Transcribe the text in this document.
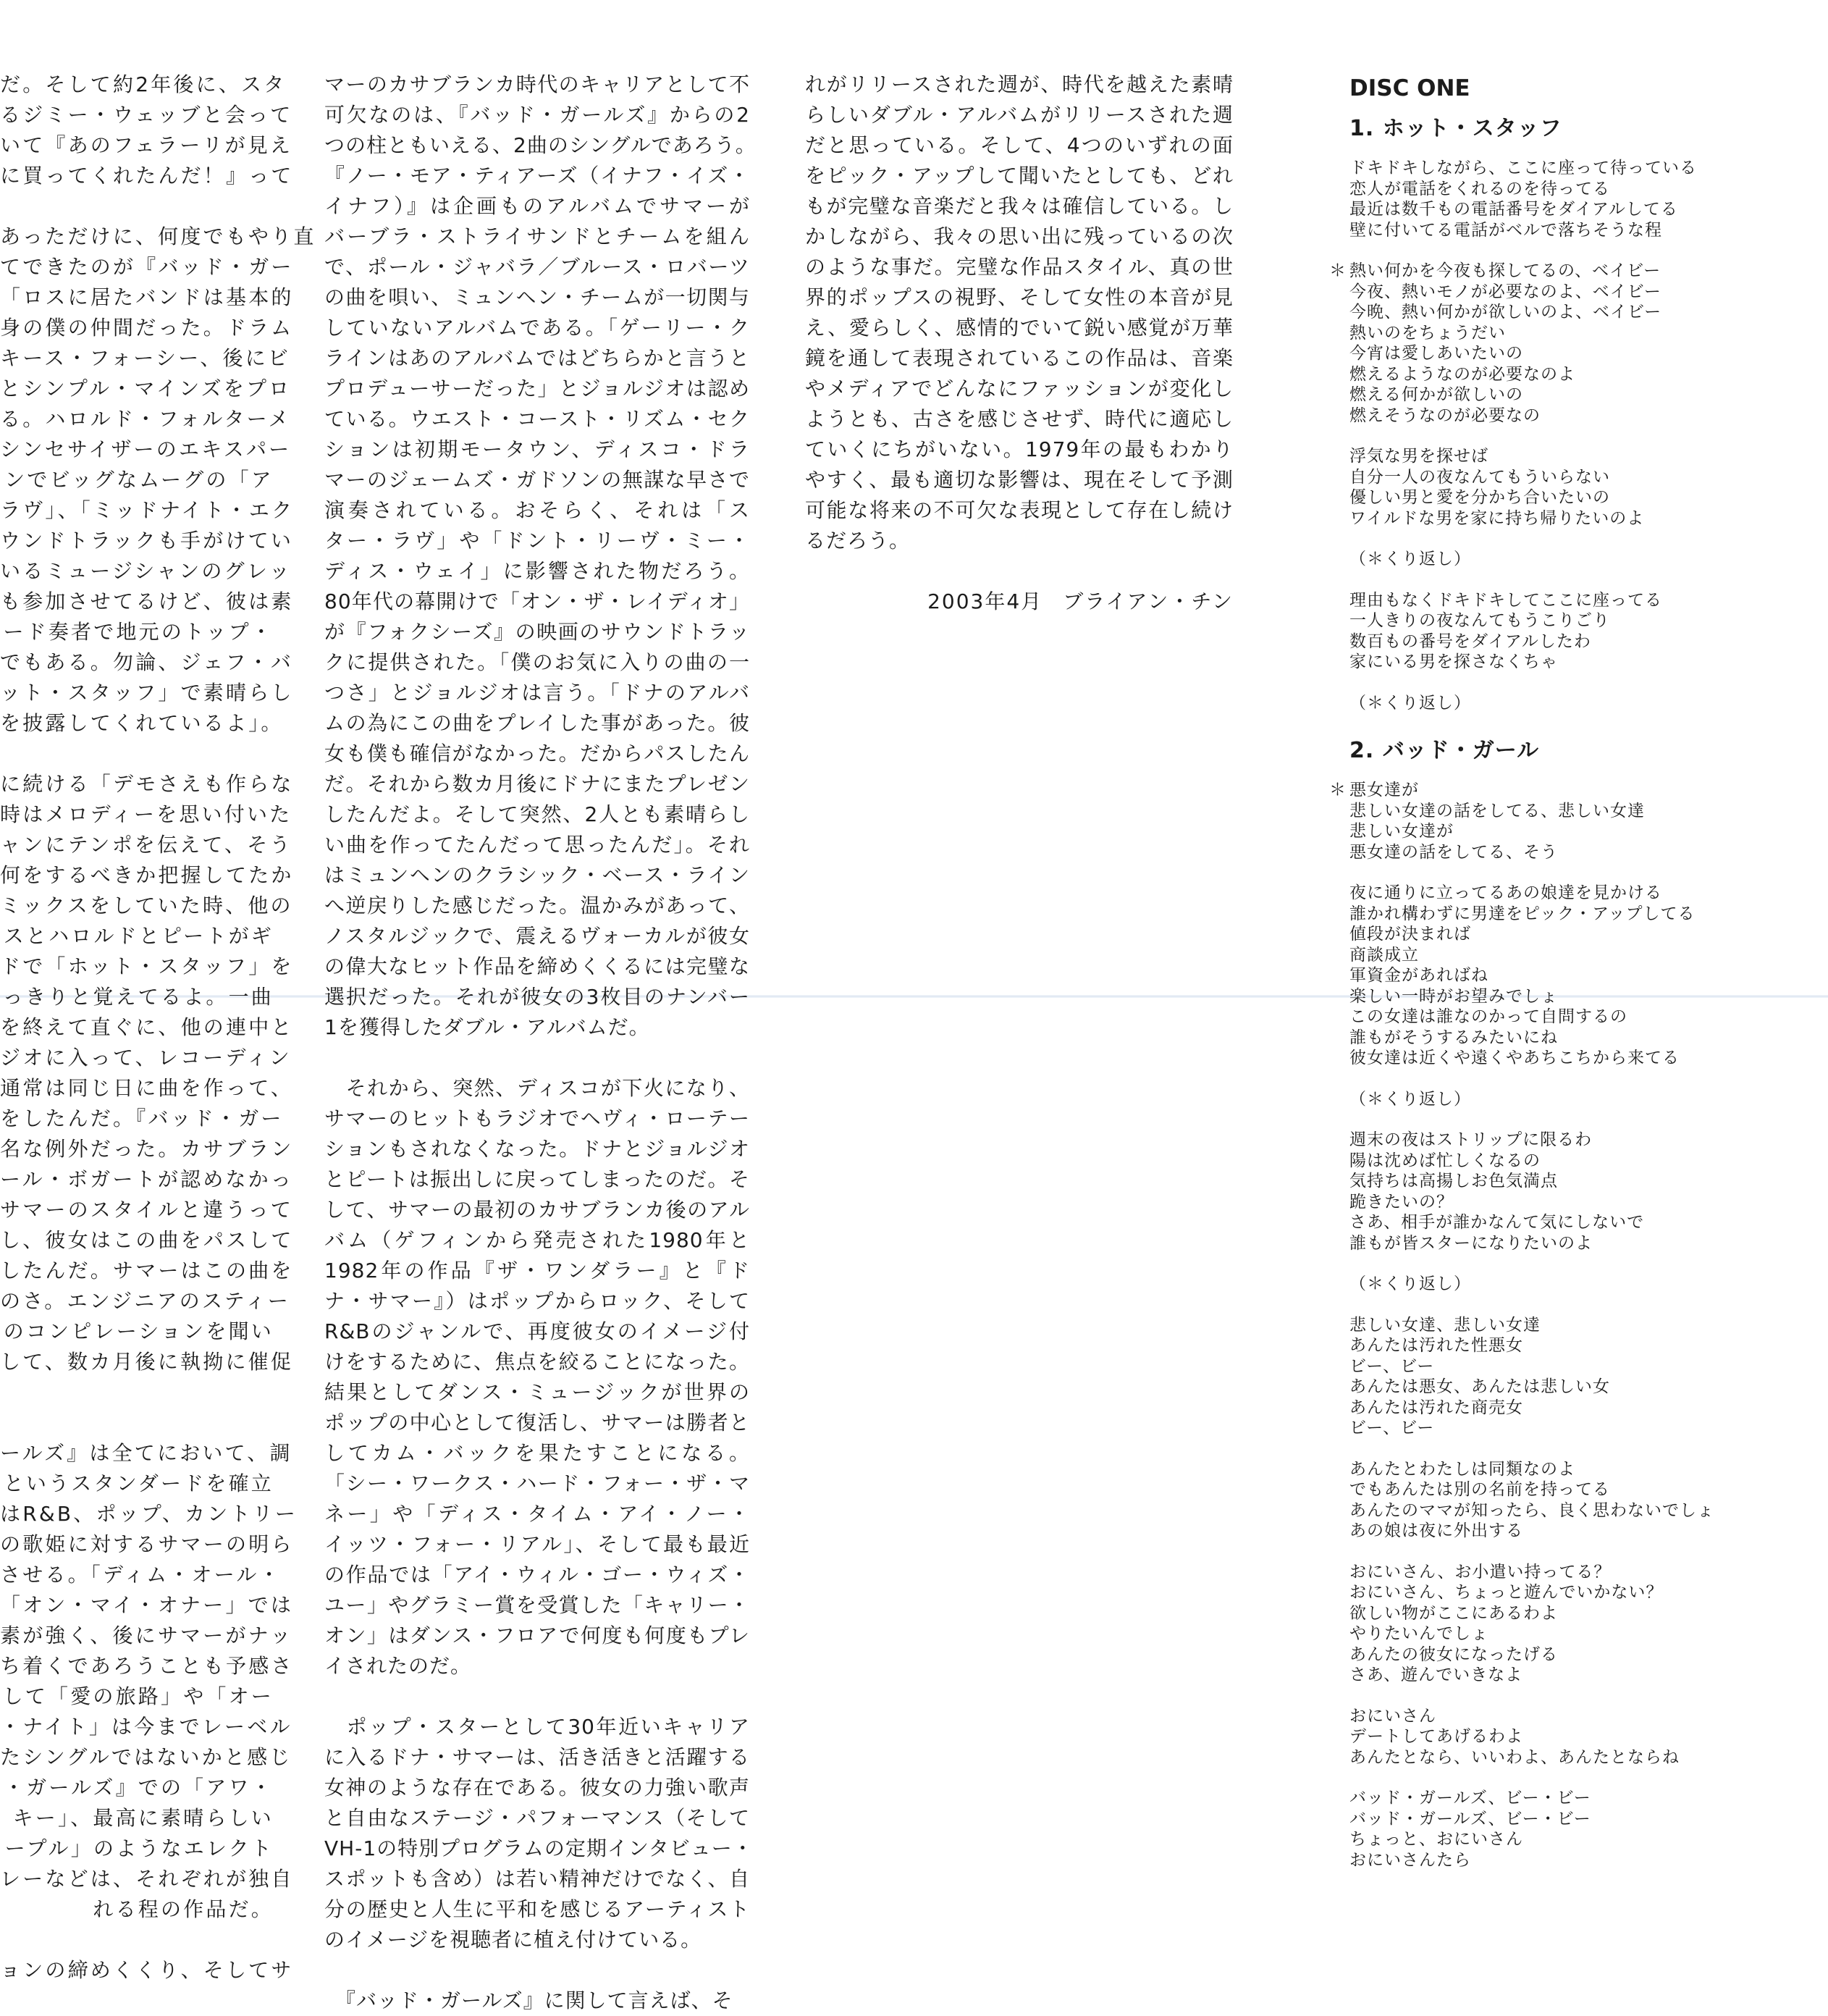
だ。そして約2年後に、スタ

るジミー・ウェッブと会って

いて『あのフェラーリが見え

に買ってくれたんだ！』って

あっただけに、何度でもやり直

てできたのが『バッド・ガー

「ロスに居たバンドは基本的

身の僕の仲間だった。ドラム

キース・フォーシー、後にビ

とシンプル・マインズをプロ

る。ハロルド・フォルターメ

シンセサイザーのエキスパー

ンでビッグなムーグの「ア

ラヴ」、「ミッドナイト・エク

ウンドトラックも手がけてい

いるミュージシャンのグレッ

も参加させてるけど、彼は素

ード奏者で地元のトップ・

でもある。勿論、ジェフ・バ

ット・スタッフ」で素晴らし

を披露してくれているよ」。

に続ける「デモさえも作らな

時はメロディーを思い付いた

ャンにテンポを伝えて、そう

何をするべきか把握してたか

ミックスをしていた時、他の

スとハロルドとピートがギ

ドで「ホット・スタッフ」を

っきりと覚えてるよ。一曲

を終えて直ぐに、他の連中と

ジオに入って、レコーディン

通常は同じ日に曲を作って、

をしたんだ。『バッド・ガー

名な例外だった。カサブラン

ール・ボガートが認めなかっ

サマーのスタイルと違うって

し、彼女はこの曲をパスして

したんだ。サマーはこの曲を

のさ。エンジニアのスティー

のコンピレーションを聞い

して、数カ月後に執拗に催促

ールズ』は全てにおいて、調

というスタンダードを確立

はR&B、ポップ、カントリー

の歌姫に対するサマーの明ら

させる。「ディム・オール・

「オン・マイ・オナー」では

素が強く、後にサマーがナッ

ち着くであろうことも予感さ

して「愛の旅路」や「オー

・ナイト」は今までレーベル

たシングルではないかと感じ

・ガールズ』での「アワ・

キー」、最高に素晴らしい

ープル」のようなエレクト

レーなどは、それぞれが独自

れる程の作品だ。

ョンの締めくくり、そしてサ

マーのカサブランカ時代のキャリアとして不

可欠なのは、『バッド・ガールズ』からの2

つの柱ともいえる、2曲のシングルであろう。

『ノー・モア・ティアーズ（イナフ・イズ・

イナフ）』は企画ものアルバムでサマーが

バーブラ・ストライサンドとチームを組ん

で、ポール・ジャバラ／ブルース・ロバーツ

の曲を唄い、ミュンヘン・チームが一切関与

していないアルバムである。「ゲーリー・ク

ラインはあのアルバムではどちらかと言うと

プロデューサーだった」とジョルジオは認め

ている。ウエスト・コースト・リズム・セク

ションは初期モータウン、ディスコ・ドラ

マーのジェームズ・ガドソンの無謀な早さで

演奏されている。おそらく、それは「ス

ター・ラヴ」や「ドント・リーヴ・ミー・

ディス・ウェイ」に影響された物だろう。

80年代の幕開けで「オン・ザ・レイディオ」

が『フォクシーズ』の映画のサウンドトラッ

クに提供された。「僕のお気に入りの曲の一

つさ」とジョルジオは言う。「ドナのアルバ

ムの為にこの曲をプレイした事があった。彼

女も僕も確信がなかった。だからパスしたん

だ。それから数カ月後にドナにまたプレゼン

したんだよ。そして突然、2人とも素晴らし

い曲を作ってたんだって思ったんだ」。それ

はミュンヘンのクラシック・ベース・ライン

へ逆戻りした感じだった。温かみがあって、

ノスタルジックで、震えるヴォーカルが彼女

の偉大なヒット作品を締めくくるには完璧な

選択だった。それが彼女の3枚目のナンバー

1を獲得したダブル・アルバムだ。

　それから、突然、ディスコが下火になり、

サマーのヒットもラジオでヘヴィ・ローテー

ションもされなくなった。ドナとジョルジオ

とピートは振出しに戻ってしまったのだ。そ

して、サマーの最初のカサブランカ後のアル

バム（ゲフィンから発売された1980年と

1982年の作品『ザ・ワンダラー』と『ド

ナ・サマー』）はポップからロック、そして

R&Bのジャンルで、再度彼女のイメージ付

けをするために、焦点を絞ることになった。

結果としてダンス・ミュージックが世界の

ポップの中心として復活し、サマーは勝者と

してカム・バックを果たすことになる。

「シー・ワークス・ハード・フォー・ザ・マ

ネー」や「ディス・タイム・アイ・ノー・

イッツ・フォー・リアル」、そして最も最近

の作品では「アイ・ウィル・ゴー・ウィズ・

ユー」やグラミー賞を受賞した「キャリー・

オン」はダンス・フロアで何度も何度もプレ

イされたのだ。

　ポップ・スターとして30年近いキャリア

に入るドナ・サマーは、活き活きと活躍する

女神のような存在である。彼女の力強い歌声

と自由なステージ・パフォーマンス（そして

VH-1の特別プログラムの定期インタビュー・

スポットも含め）は若い精神だけでなく、自

分の歴史と人生に平和を感じるアーティスト

のイメージを視聴者に植え付けている。

　『バッド・ガールズ』に関して言えば、そ

れがリリースされた週が、時代を越えた素晴

らしいダブル・アルバムがリリースされた週

だと思っている。そして、4つのいずれの面

をピック・アップして聞いたとしても、どれ

もが完璧な音楽だと我々は確信している。し

かしながら、我々の思い出に残っているの次

のような事だ。完璧な作品スタイル、真の世

界的ポップスの視野、そして女性の本音が見

え、愛らしく、感情的でいて鋭い感覚が万華

鏡を通して表現されているこの作品は、音楽

やメディアでどんなにファッションが変化し

ようとも、古さを感じさせず、時代に適応し

ていくにちがいない。1979年の最もわかり

やすく、最も適切な影響は、現在そして予測

可能な将来の不可欠な表現として存在し続け

るだろう。

2003年4月 ブライアン・チン

DISC ONE
1. ホット・スタッフ
ドキドキしながら、ここに座って待っている
恋人が電話をくれるのを待ってる
最近は数千もの電話番号をダイアルしてる
壁に付いてる電話がベルで落ちそうな程
＊ 熱い何かを今夜も探してるの、ベイビー
今夜、熱いモノが必要なのよ、ベイビー
今晩、熱い何かが欲しいのよ、ベイビー
熱いのをちょうだい
今宵は愛しあいたいの
燃えるようなのが必要なのよ
燃える何かが欲しいの
燃えそうなのが必要なの
浮気な男を探せば
自分一人の夜なんてもういらない
優しい男と愛を分かち合いたいの
ワイルドな男を家に持ち帰りたいのよ
（＊くり返し）
理由もなくドキドキしてここに座ってる
一人きりの夜なんてもうこりごり
数百もの番号をダイアルしたわ
家にいる男を探さなくちゃ
（＊くり返し）
2. バッド・ガール
＊ 悪女達が
悲しい女達の話をしてる、悲しい女達
悲しい女達が
悪女達の話をしてる、そう
夜に通りに立ってるあの娘達を見かける
誰かれ構わずに男達をピック・アップしてる
値段が決まれば
商談成立
軍資金があればね
楽しい一時がお望みでしょ
この女達は誰なのかって自問するの
誰もがそうするみたいにね
彼女達は近くや遠くやあちこちから来てる
（＊くり返し）
週末の夜はストリップに限るわ
陽は沈めば忙しくなるの
気持ちは高揚しお色気満点
跪きたいの？
さあ、相手が誰かなんて気にしないで
誰もが皆スターになりたいのよ
（＊くり返し）
悲しい女達、悲しい女達
あんたは汚れた性悪女
ビー、ビー
あんたは悪女、あんたは悲しい女
あんたは汚れた商売女
ビー、ビー
あんたとわたしは同類なのよ
でもあんたは別の名前を持ってる
あんたのママが知ったら、良く思わないでしょ
あの娘は夜に外出する
おにいさん、お小遣い持ってる？
おにいさん、ちょっと遊んでいかない？
欲しい物がここにあるわよ
やりたいんでしょ
あんたの彼女になったげる
さあ、遊んでいきなよ
おにいさん
デートしてあげるわよ
あんたとなら、いいわよ、あんたとならね
バッド・ガールズ、ビー・ビー
バッド・ガールズ、ビー・ビー
ちょっと、おにいさん
おにいさんたら
